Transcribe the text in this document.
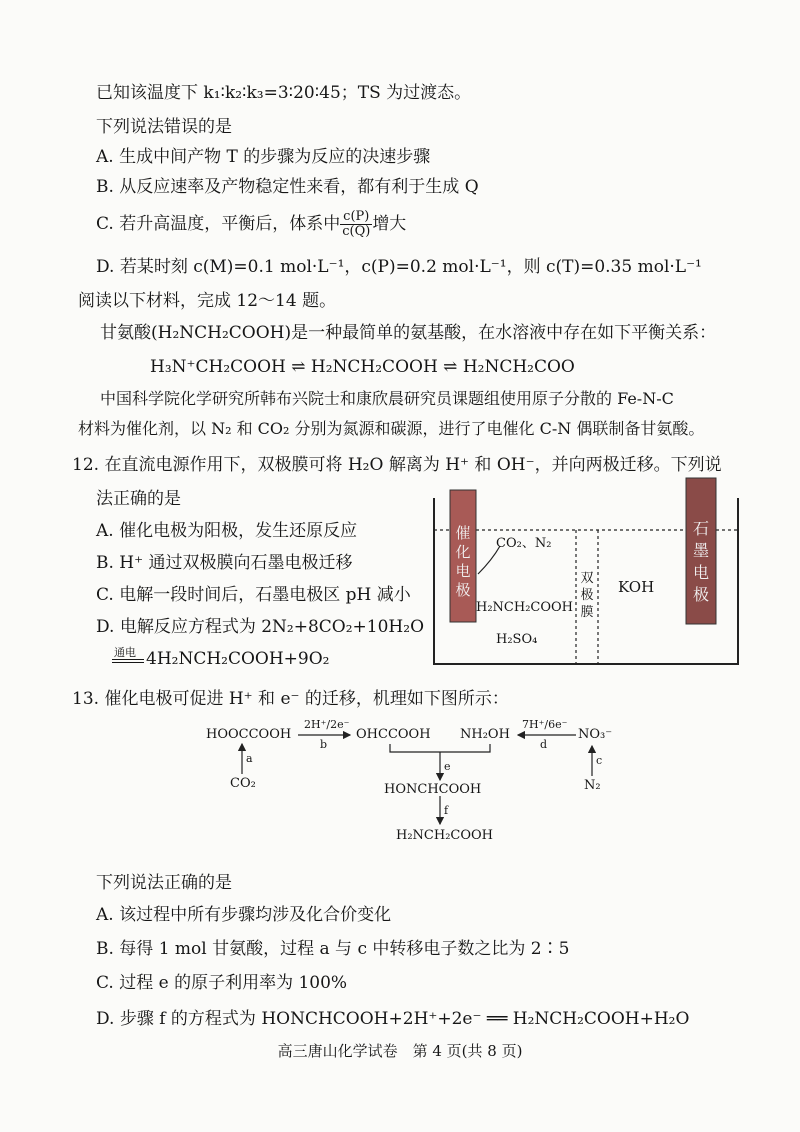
已知该温度下 k₁∶k₂∶k₃=3∶20∶45；TS 为过渡态。
下列说法错误的是
A. 生成中间产物 T 的步骤为反应的决速步骤
B. 从反应速率及产物稳定性来看，都有利于生成 Q
C. 若升高温度，平衡后，体系中 $\frac{c(P)}{c(Q)}$ 增大
D. 若某时刻 c(M)=0.1 mol·L⁻¹，c(P)=0.2 mol·L⁻¹，则 c(T)=0.35 mol·L⁻¹
阅读以下材料，完成 12～14 题。
甘氨酸(H₂NCH₂COOH)是一种最简单的氨基酸，在水溶液中存在如下平衡关系：
H₃N⁺CH₂COOH ⇌ H₂NCH₂COOH ⇌ H₂NCH₂COO
中国科学院化学研究所韩布兴院士和康欣晨研究员课题组使用原子分散的 Fe-N-C
材料为催化剂，以 N₂ 和 CO₂ 分别为氮源和碳源，进行了电催化 C-N 偶联制备甘氨酸。
12. 在直流电源作用下，双极膜可将 H₂O 解离为 H⁺ 和 OH⁻，并向两极迁移。下列说
法正确的是
A. 催化电极为阳极，发生还原反应
B. H⁺ 通过双极膜向石墨电极迁移
C. 电解一段时间后，石墨电极区 pH 减小
D. 电解反应方程式为 2N₂+8CO₂+10H₂O
通电 4H₂NCH₂COOH+9O₂
催
化
电
极
石
墨
电
极
CO₂、N₂
H₂NCH₂COOH
H₂SO₄
双
极
膜
KOH
13. 催化电极可促进 H⁺ 和 e⁻ 的迁移，机理如下图所示：
HOOCCOOH
2H⁺/2e⁻
b
OHCCOOH NH₂OH
7H⁺/6e⁻
d
NO₃⁻
a
CO₂
e
HONCHCOOH
c
N₂
f
H₂NCH₂COOH
下列说法正确的是
A. 该过程中所有步骤均涉及化合价变化
B. 每得 1 mol 甘氨酸，过程 a 与 c 中转移电子数之比为 2∶5
C. 过程 e 的原子利用率为 100%
D. 步骤 f 的方程式为 HONCHCOOH+2H⁺+2e⁻ ══ H₂NCH₂COOH+H₂O
高三唐山化学试卷　第 4 页(共 8 页)
